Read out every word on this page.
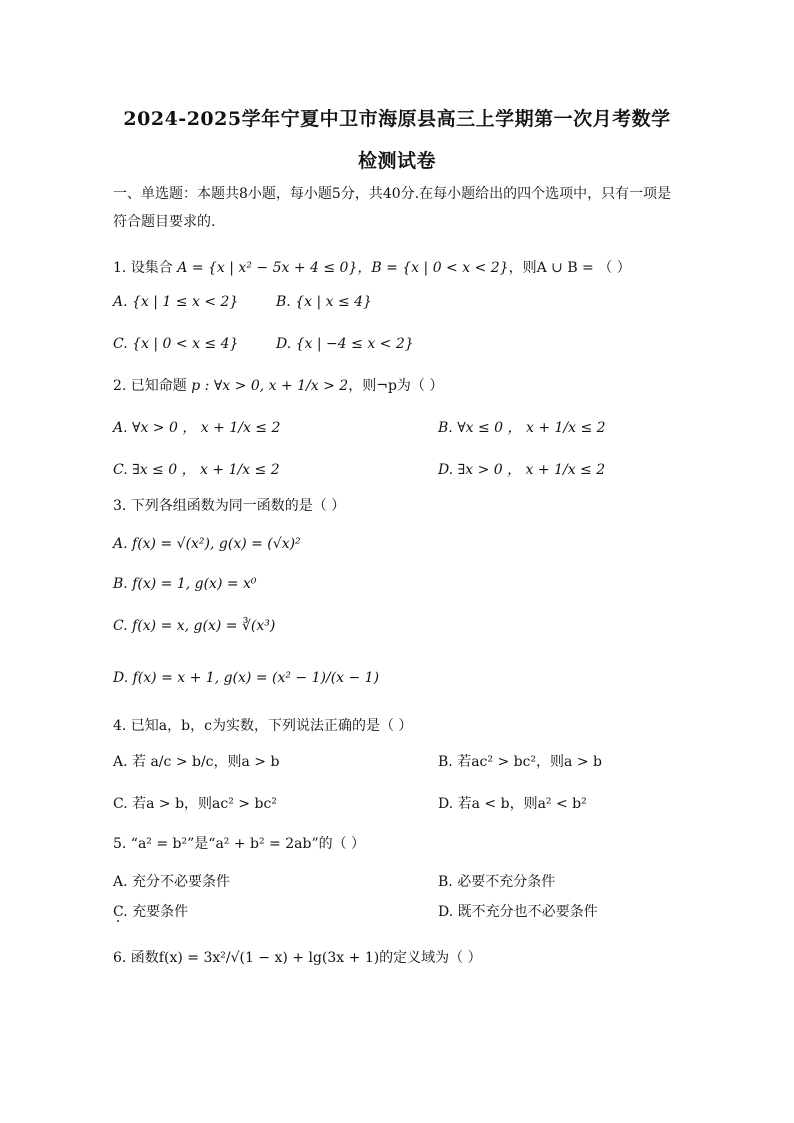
2024-2025学年宁夏中卫市海原县高三上学期第一次月考数学
检测试卷
一、单选题：本题共8小题，每小题5分，共40分.在每小题给出的四个选项中，只有一项是
符合题目要求的.
1. 设集合 A = {x | x² − 5x + 4 ≤ 0}，B = {x | 0 < x < 2}，则A ∪ B = （ ）
A. {x | 1 ≤ x < 2}	B. {x | x ≤ 4}
C. {x | 0 < x ≤ 4}	D. {x | −4 ≤ x < 2}
2. 已知命题 p : ∀x > 0, x + 1/x > 2，则¬p为（ ）
A. ∀x > 0 ， x + 1/x ≤ 2	B. ∀x ≤ 0 ， x + 1/x ≤ 2
C. ∃x ≤ 0 ， x + 1/x ≤ 2	D. ∃x > 0 ， x + 1/x ≤ 2
3. 下列各组函数为同一函数的是（ ）
A. f(x) = √(x²), g(x) = (√x)²
B. f(x) = 1, g(x) = x⁰
C. f(x) = x, g(x) = ∛(x³)
D. f(x) = x + 1, g(x) = (x² − 1)/(x − 1)
4. 已知a，b，c为实数，下列说法正确的是（ ）
A. 若 a/c > b/c，则a > b	B. 若ac² > bc²，则a > b
C. 若a > b，则ac² > bc²	D. 若a < b，则a² < b²
5. “a² = b²”是“a² + b² = 2ab”的（ ）
A. 充分不必要条件	B. 必要不充分条件
C. 充要条件	D. 既不充分也不必要条件
6. 函数f(x) = 3x²/√(1 − x) + lg(3x + 1)的定义域为（ ）
